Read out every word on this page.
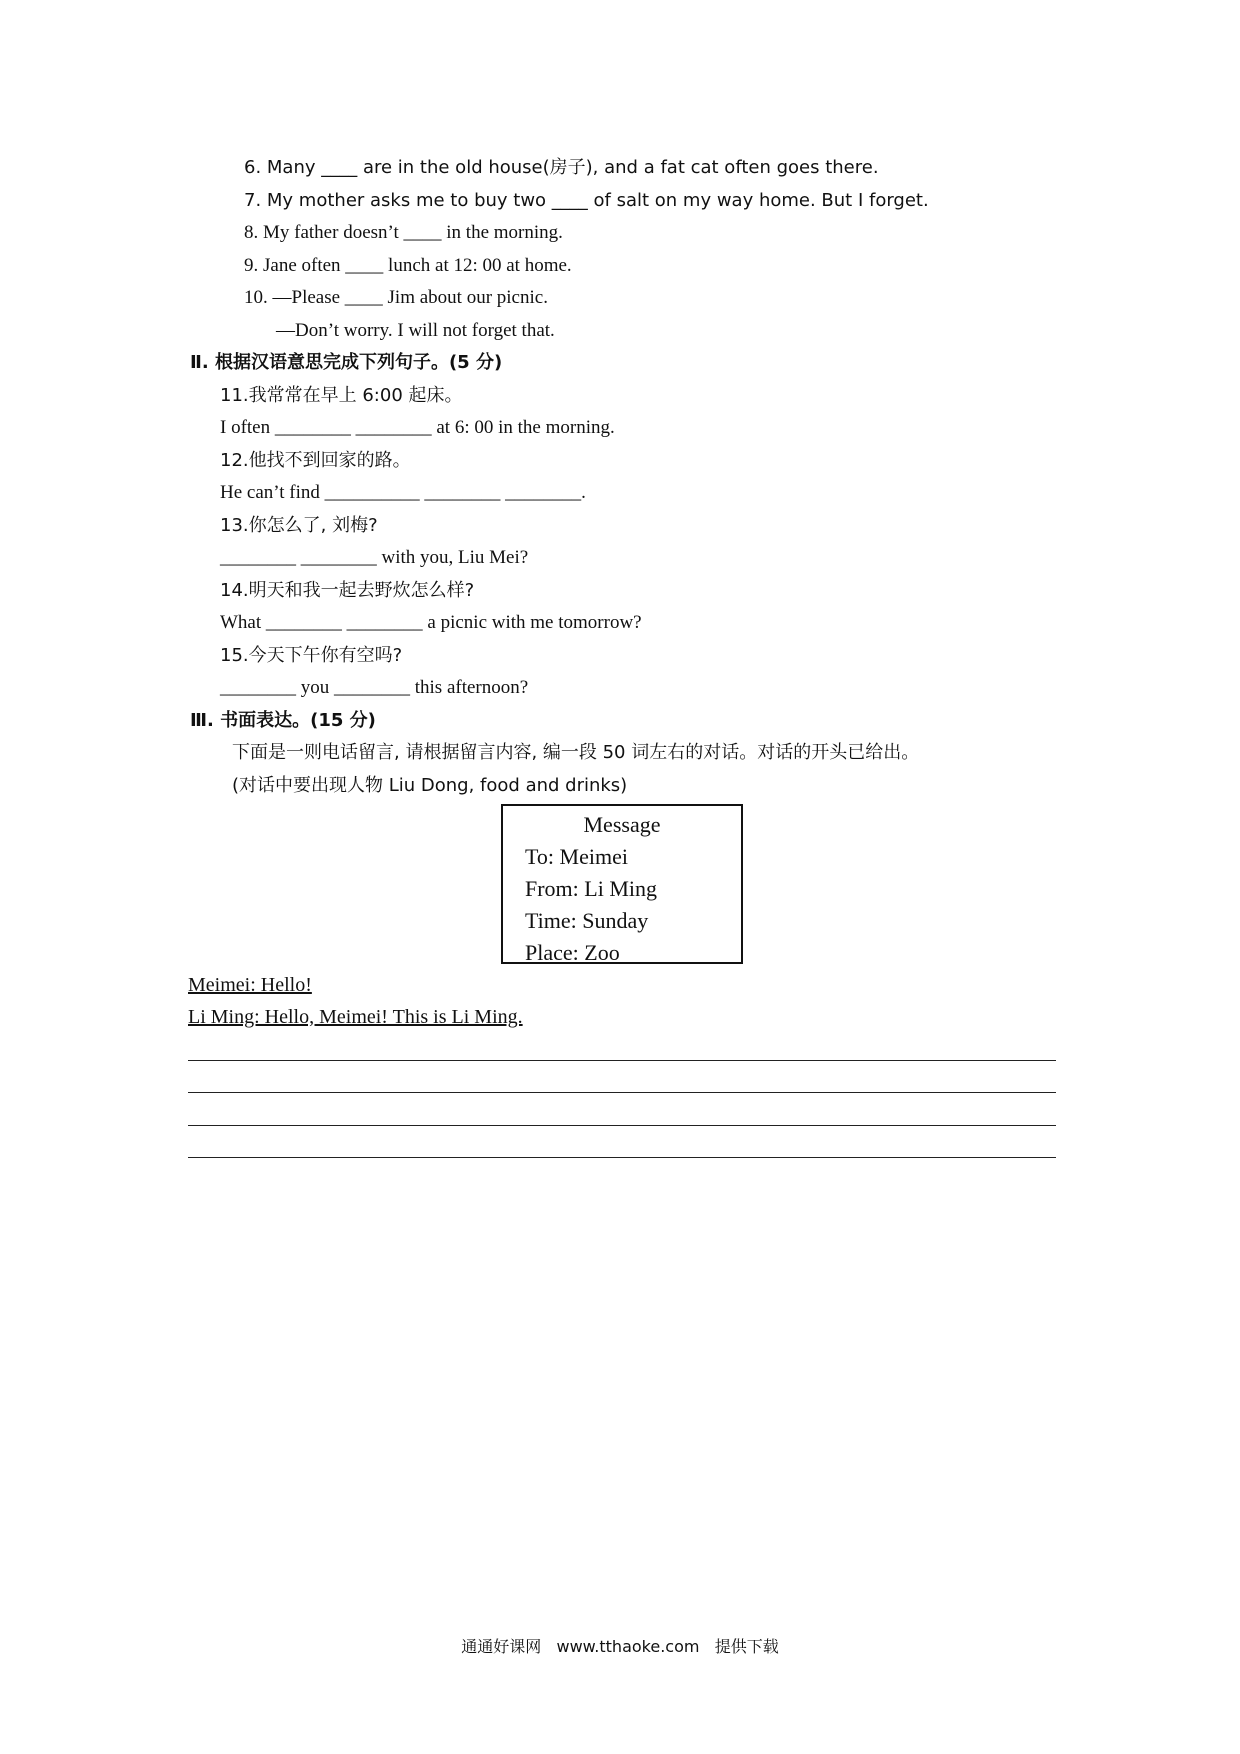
6. Many ____ are in the old house(房子), and a fat cat often goes there.
7. My mother asks me to buy two ____ of salt on my way home. But I forget.
8. My father doesn’t ____ in the morning.
9. Jane often ____ lunch at 12: 00 at home.
10. —Please ____ Jim about our picnic.
—Don’t worry. I will not forget that.
Ⅱ. 根据汉语意思完成下列句子。(5 分)
11.我常常在早上 6:00 起床。
I often ________ ________ at 6: 00 in the morning.
12.他找不到回家的路。
He can’t find __________ ________ ________.
13.你怎么了, 刘梅?
________ ________ with you, Liu Mei?
14.明天和我一起去野炊怎么样?
What ________ ________ a picnic with me tomorrow?
15.今天下午你有空吗?
________ you ________ this afternoon?
Ⅲ. 书面表达。(15 分)
下面是一则电话留言, 请根据留言内容, 编一段 50 词左右的对话。对话的开头已给出。
(对话中要出现人物 Liu Dong, food and drinks)
Message
To: Meimei
From: Li Ming
Time: Sunday
Place: Zoo
Meimei: Hello!
Li Ming: Hello, Meimei! This is Li Ming.
通通好课网   www.tthaoke.com   提供下载
